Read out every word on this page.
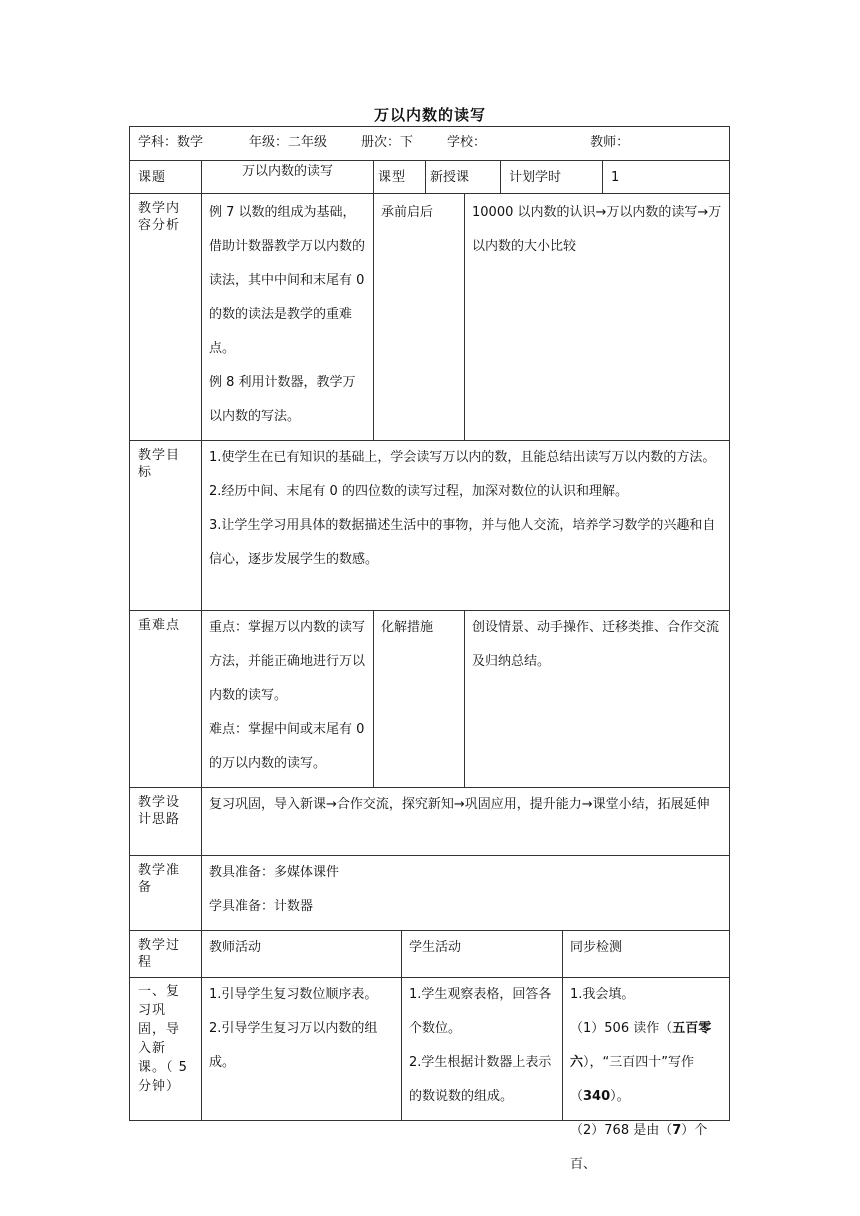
万以内数的读写
学科：数学 年级：二年级 册次：下 学校： 教师：								

课题	万以内数的读写	课型		新授课		计划学时		1

教学内容分析	例 7 以数的组成为基础，借助计数器教学万以内数的读法，其中中间和末尾有 0 的数的读法是教学的重难点。
例 8 利用计数器，教学万以内数的写法。	承前启后			10000 以内数的认识→万以内数的读写→万以内数的大小比较			

教学目标	1.使学生在已有知识的基础上，学会读写万以内的数，且能总结出读写万以内数的方法。
2.经历中间、末尾有 0 的四位数的读写过程，加深对数位的认识和理解。
3.让学生学习用具体的数据描述生活中的事物，并与他人交流，培养学习数学的兴趣和自信心，逐步发展学生的数感。							

重难点	重点：掌握万以内数的读写方法，并能正确地进行万以内数的读写。
难点：掌握中间或末尾有 0 的万以内数的读写。	化解措施			创设情景、动手操作、迁移类推、合作交流及归纳总结。			

教学设计思路	复习巩固，导入新课→合作交流，探究新知→巩固应用，提升能力→课堂小结，拓展延伸							

教学准备	教具准备：多媒体课件
学具准备：计数器							

教学过程	教师活动		学生活动				同步检测	

一、复习巩固，导入新课。（ 5 分钟）	1.引导学生复习数位顺序表。
2.引导学生复习万以内数的组成。		1.学生观察表格，回答各个数位。
2.学生根据计数器上表示的数说数的组成。				1.我会填。
（1）506 读作（五百零六），“三百四十”写作（340）。
（2）768 是由（7）个百、	
